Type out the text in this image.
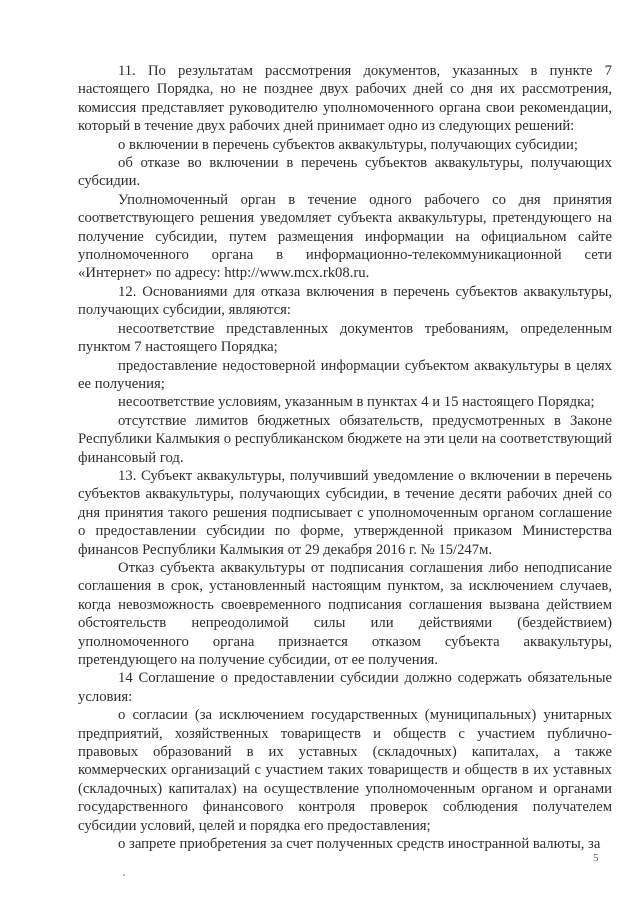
11. По результатам рассмотрения документов, указанных в пункте 7 настоящего Порядка, но не позднее двух рабочих дней со дня их рассмотрения, комиссия представляет руководителю уполномоченного органа свои рекомендации, который в течение двух рабочих дней принимает одно из следующих решений:

о включении в перечень субъектов аквакультуры, получающих субсидии;

об отказе во включении в перечень субъектов аквакультуры, получающих субсидии.

Уполномоченный орган в течение одного рабочего со дня принятия соответствующего решения уведомляет субъекта аквакультуры, претендующего на получение субсидии, путем размещения информации на официальном сайте уполномоченного органа в информационно-телекоммуникационной сети «Интернет» по адресу: http://www.mcx.rk08.ru.

12. Основаниями для отказа включения в перечень субъектов аквакультуры, получающих субсидии, являются:

несоответствие представленных документов требованиям, определенным пунктом 7 настоящего Порядка;

предоставление недостоверной информации субъектом аквакультуры в целях ее получения;

несоответствие условиям, указанным в пунктах 4 и 15 настоящего Порядка;

отсутствие лимитов бюджетных обязательств, предусмотренных в Законе Республики Калмыкия о республиканском бюджете на эти цели на соответствующий финансовый год.

13. Субъект аквакультуры, получивший уведомление о включении в перечень субъектов аквакультуры, получающих субсидии, в течение десяти рабочих дней со дня принятия такого решения подписывает с уполномоченным органом соглашение о предоставлении субсидии по форме, утвержденной приказом Министерства финансов Республики Калмыкия от 29 декабря 2016 г. № 15/247м.

Отказ субъекта аквакультуры от подписания соглашения либо неподписание соглашения в срок, установленный настоящим пунктом, за исключением случаев, когда невозможность своевременного подписания соглашения вызвана действием обстоятельств непреодолимой силы или действиями (бездействием) уполномоченного органа признается отказом субъекта аквакультуры, претендующего на получение субсидии, от ее получения.

14 Соглашение о предоставлении субсидии должно содержать обязательные условия:

о согласии (за исключением государственных (муниципальных) унитарных предприятий, хозяйственных товариществ и обществ с участием публично-правовых образований в их уставных (складочных) капиталах, а также коммерческих организаций с участием таких товариществ и обществ в их уставных (складочных) капиталах) на осуществление уполномоченным органом и органами государственного финансового контроля проверок соблюдения получателем субсидии условий, целей и порядка его предоставления;

о запрете приобретения за счет полученных средств иностранной валюты, за

5
